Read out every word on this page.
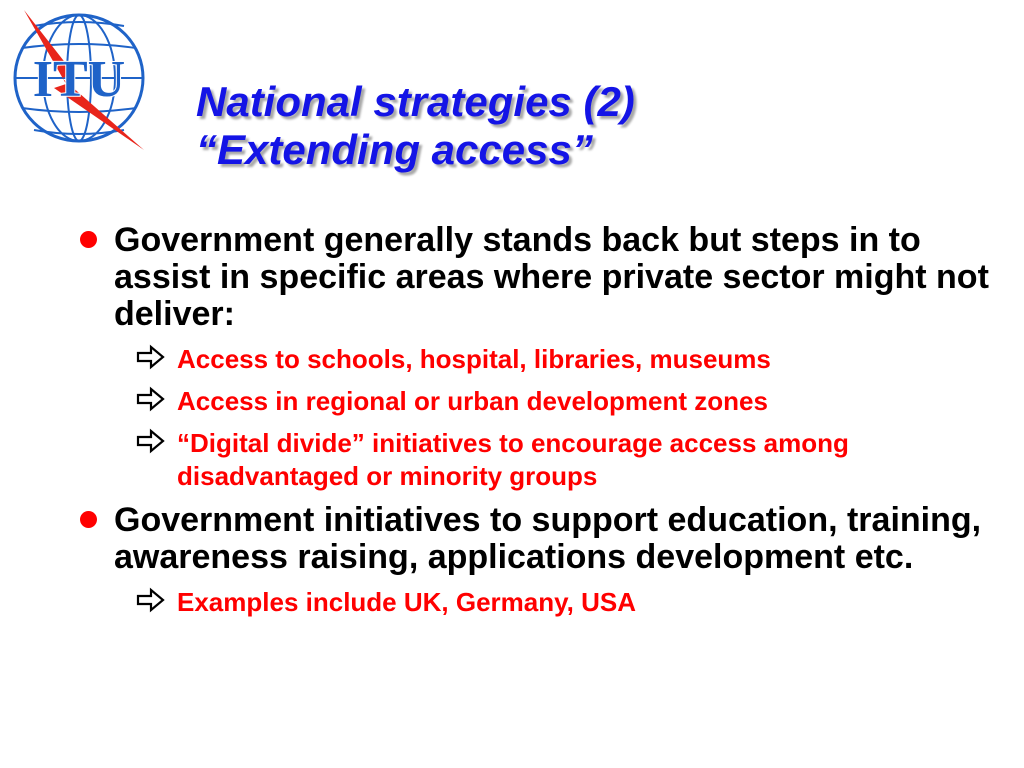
ITU National strategies (2)
“Extending access”
Government generally stands back but steps in to assist in specific areas where private sector might not deliver:
Access to schools, hospital, libraries, museums
Access in regional or urban development zones
“Digital divide” initiatives to encourage access among disadvantaged or minority groups
Government initiatives to support education, training, awareness raising, applications development etc.
Examples include UK, Germany, USA
